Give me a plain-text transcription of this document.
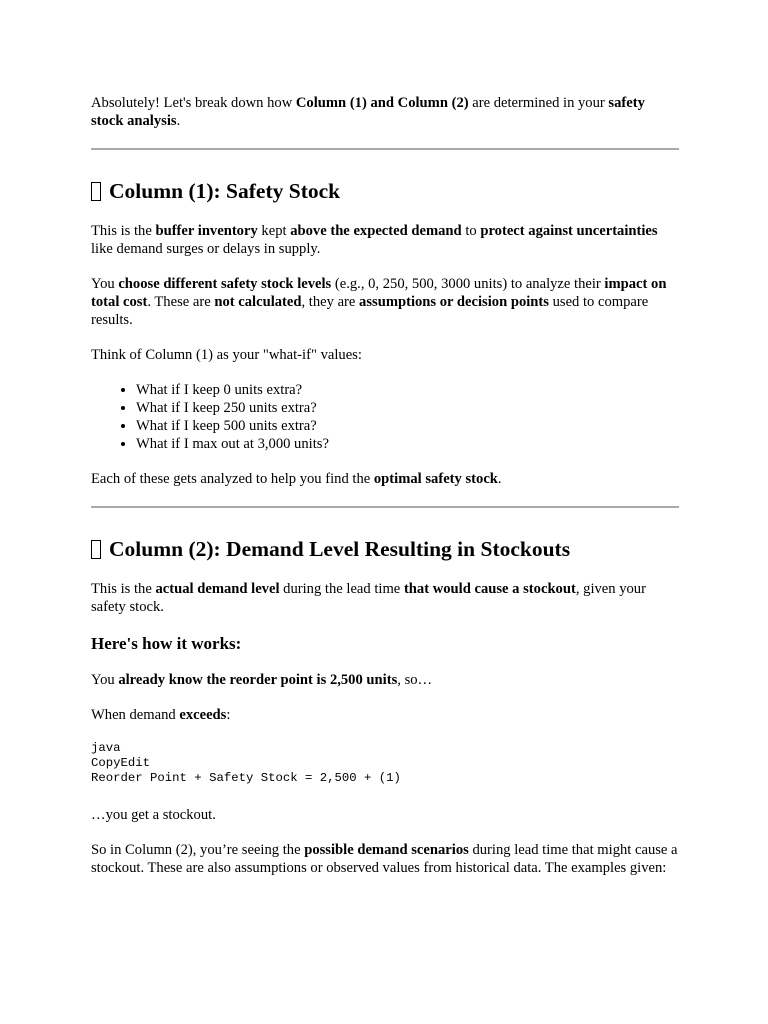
Absolutely! Let's break down how Column (1) and Column (2) are determined in your safety stock analysis.

Column (1): Safety Stock

This is the buffer inventory kept above the expected demand to protect against uncertainties like demand surges or delays in supply.

You choose different safety stock levels (e.g., 0, 250, 500, 3000 units) to analyze their impact on total cost. These are not calculated, they are assumptions or decision points used to compare results.

Think of Column (1) as your "what-if" values:

• What if I keep 0 units extra?
• What if I keep 250 units extra?
• What if I keep 500 units extra?
• What if I max out at 3,000 units?

Each of these gets analyzed to help you find the optimal safety stock.

Column (2): Demand Level Resulting in Stockouts

This is the actual demand level during the lead time that would cause a stockout, given your safety stock.

Here's how it works:

You already know the reorder point is 2,500 units, so…

When demand exceeds:

java
CopyEdit
Reorder Point + Safety Stock = 2,500 + (1)

…you get a stockout.

So in Column (2), you’re seeing the possible demand scenarios during lead time that might cause a stockout. These are also assumptions or observed values from historical data. The examples given:
